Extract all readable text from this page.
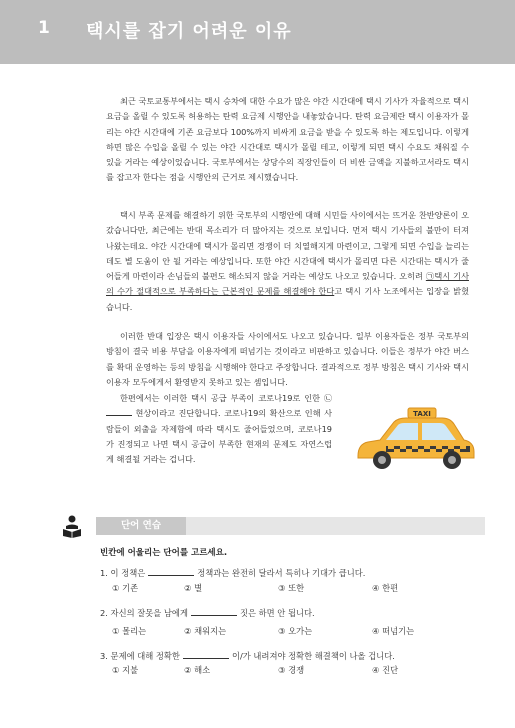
1 택시를 잡기 어려운 이유

최근 국토교통부에서는 택시 승차에 대한 수요가 많은 야간 시간대에 택시 기사가 자율적으로 택시 요금을 올릴 수 있도록 허용하는 탄력 요금제 시행안을 내놓았습니다. 탄력 요금제란 택시 이용자가 몰리는 야간 시간대에 기존 요금보다 100%까지 비싸게 요금을 받을 수 있도록 하는 제도입니다. 이렇게 하면 많은 수입을 올릴 수 있는 야간 시간대로 택시가 몰릴 테고, 이렇게 되면 택시 수요도 채워질 수 있을 거라는 예상이었습니다. 국토부에서는 상당수의 직장인들이 더 비싼 금액을 지불하고서라도 택시를 잡고자 한다는 점을 시행안의 근거로 제시했습니다.

택시 부족 문제를 해결하기 위한 국토부의 시행안에 대해 시민들 사이에서는 뜨거운 찬반양론이 오갔습니다만, 최근에는 반대 목소리가 더 많아지는 것으로 보입니다. 먼저 택시 기사들의 불만이 터져 나왔는데요. 야간 시간대에 택시가 몰리면 경쟁이 더 치열해지게 마련이고, 그렇게 되면 수입을 늘리는 데도 별 도움이 안 될 거라는 예상입니다. 또한 야간 시간대에 택시가 몰리면 다른 시간대는 택시가 줄어들게 마련이라 손님들의 불편도 해소되지 않을 거라는 예상도 나오고 있습니다. 오히려 ㉠택시 기사의 수가 절대적으로 부족하다는 근본적인 문제를 해결해야 한다고 택시 기사 노조에서는 입장을 밝혔습니다.

이러한 반대 입장은 택시 이용자들 사이에서도 나오고 있습니다. 일부 이용자들은 정부 국토부의 방침이 결국 비용 부담을 이용자에게 떠넘기는 것이라고 비판하고 있습니다. 이들은 정부가 야간 버스를 확대 운영하는 등의 방침을 시행해야 한다고 주장합니다. 결과적으로 정부 방침은 택시 기사와 택시 이용자 모두에게서 환영받지 못하고 있는 셈입니다.

한편에서는 이러한 택시 공급 부족이 코로나19로 인한 ㉡ 현상이라고 진단합니다. 코로나19의 확산으로 인해 사람들이 외출을 자제함에 따라 택시도 줄어들었으며, 코로나19가 진정되고 나면 택시 공급이 부족한 현재의 문제도 자연스럽게 해결될 거라는 겁니다.

TAXI
단어 연습
빈칸에 어울리는 단어를 고르세요.
1. 이 정책은	정책과는 완전히 달라서 특히나 기대가 큽니다.
① 기존	② 별	③ 또한	④ 한편
2. 자신의 잘못을 남에게	짓은 하면 안 됩니다.
① 몰리는	② 채워지는	③ 오가는	④ 떠넘기는
3. 문제에 대해 정확한	이/가 내려져야 정확한 해결책이 나올 겁니다.
① 지불	② 해소	③ 경쟁	④ 진단
